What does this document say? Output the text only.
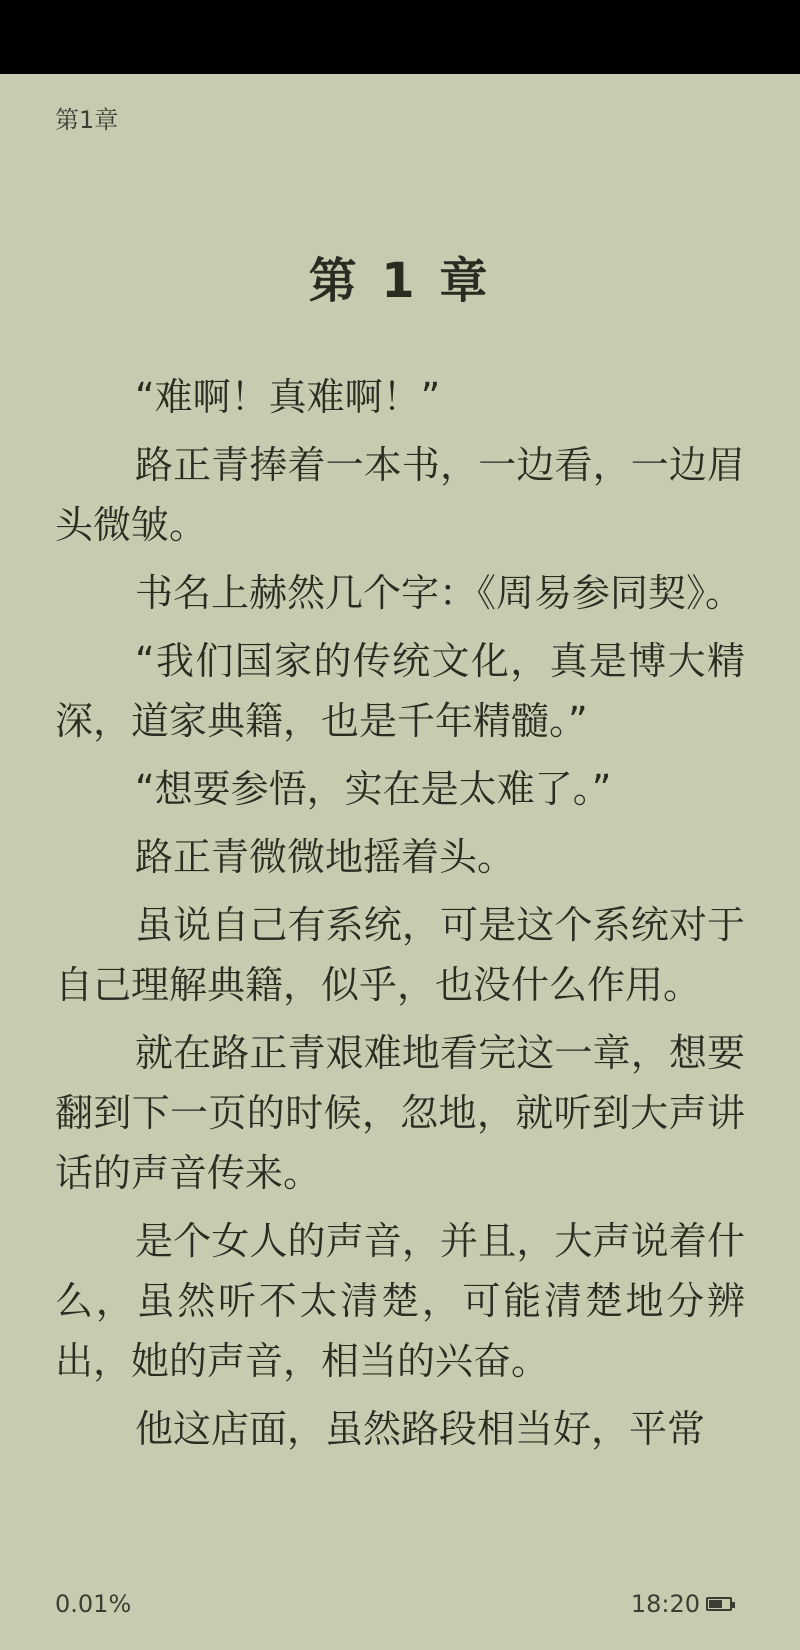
第1章
第 1 章

“难啊！真难啊！”

路正青捧着一本书，一边看，一边眉头微皱。

书名上赫然几个字：《周易参同契》。

“我们国家的传统文化，真是博大精深，道家典籍，也是千年精髓。”

“想要参悟，实在是太难了。”

路正青微微地摇着头。

虽说自己有系统，可是这个系统对于自己理解典籍，似乎，也没什么作用。

就在路正青艰难地看完这一章，想要翻到下一页的时候，忽地，就听到大声讲话的声音传来。

是个女人的声音，并且，大声说着什么，虽然听不太清楚，可能清楚地分辨出，她的声音，相当的兴奋。

他这店面，虽然路段相当好，平常

0.01%	18:20
